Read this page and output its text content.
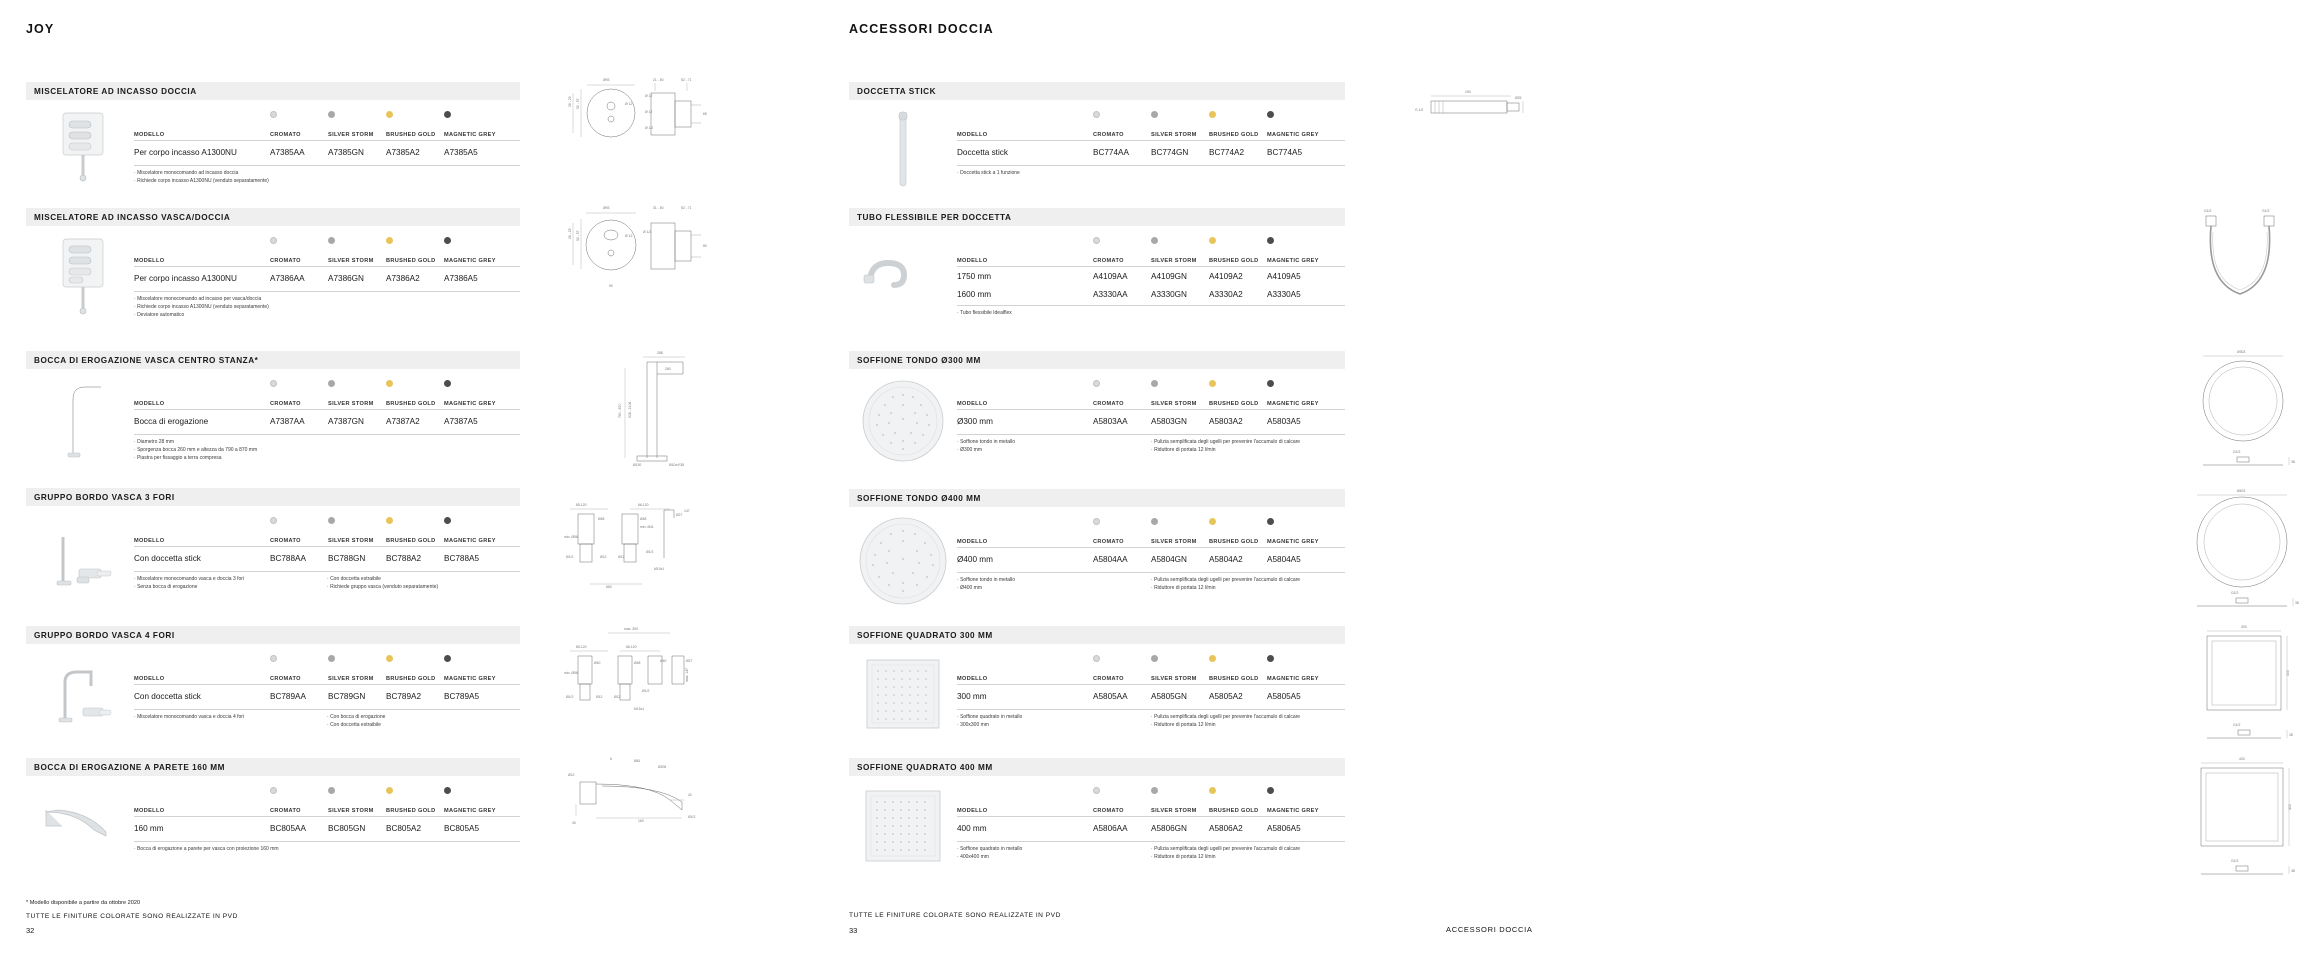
JOY
MISCELATORE AD INCASSO DOCCIA
MODELLO	CROMATO	SILVER STORM	BRUSHED GOLD	MAGNETIC GREY
Per corpo incasso A1300NU	A7385AA	A7385GN	A7385A2	A7385A5
· Miscelatore monocomando ad incasso doccia
· Richiede corpo incasso A1300NU (venduto separatamente)
Ø93
Ø 12
21 - 50	52 - 71
Ø 12
Ø 12
Ø 1/2
65
26 - 29 52 - 57
MISCELATORE AD INCASSO VASCA/DOCCIA
MODELLO	CROMATO	SILVER STORM	BRUSHED GOLD	MAGNETIC GREY
Per corpo incasso A1300NU	A7386AA	A7386GN	A7386A2	A7386A5
· Miscelatore monocomando ad incasso per vasca/doccia
· Richiede corpo incasso A1300NU (venduto separatamente)
· Deviatore automatico
Ø93
Ø 12
31 - 50	52 - 71
Ø 1/2
80
90
26 - 29 52 - 57
BOCCA DI EROGAZIONE VASCA CENTRO STANZA*
MODELLO	CROMATO	SILVER STORM	BRUSHED GOLD	MAGNETIC GREY
Bocca di erogazione	A7387AA	A7387GN	A7387A2	A7387A5
· Diametro 28 mm
· Sporgenza bocca 260 mm e altezza da 790 a 870 mm
· Piastra per fissaggio a terra compresa
288
260
790 - 870 508 - 2108
Ø130	Ø10x4*38
GRUPPO BORDO VASCA 3 FORI
MODELLO	CROMATO	SILVER STORM	BRUSHED GOLD	MAGNETIC GREY
Con doccetta stick	BC788AA	BC788GN	BC788A2	BC788A5
· Miscelatore monocomando vasca e doccia 3 fori
· Senza bocca di erogazione
· Con doccetta estraibile
· Richiede gruppo vasca (venduto separatamente)
85-120	66-120
Ø48
min. Ø56
Ø48
min. Ø41
Ø27
147
Ø1/2	Ø12	Ø12
Ø1/2
M10x1
660
GRUPPO BORDO VASCA 4 FORI
MODELLO	CROMATO	SILVER STORM	BRUSHED GOLD	MAGNETIC GREY
Con doccetta stick	BC789AA	BC789GN	BC789A2	BC789A5
· Miscelatore monocomando vasca e doccia 4 fori	· Con bocca di erogazione
· Con doccetta estraibile
max. 300
85-120	66-120
min. Ø56
Ø40	Ø48	Ø40	Ø27
Ø1/2	Ø12	Ø12
Ø1/2
M15x1
max. 147
BOCCA DI EROGAZIONE A PARETE 160 MM
MODELLO	CROMATO	SILVER STORM	BRUSHED GOLD	MAGNETIC GREY
160 mm	BC805AA	BC805GN	BC805A2	BC805A5
· Bocca di erogazione a parete per vasca con proiezione 160 mm
6	Ø61
Ø206
Ø12
42
160
40
Ø1/2
* Modello disponibile a partire da ottobre 2020
TUTTE LE FINITURE COLORATE SONO REALIZZATE IN PVD
32
ACCESSORI DOCCIA
DOCCETTA STICK
MODELLO	CROMATO	SILVER STORM	BRUSHED GOLD	MAGNETIC GREY
Doccetta stick	BC774AA	BC774GN	BC774A2	BC774A5
· Doccetta stick a 1 funzione
190
Ø25
G 1/2
TUBO FLESSIBILE PER DOCCETTA
MODELLO	CROMATO	SILVER STORM	BRUSHED GOLD	MAGNETIC GREY
1750 mm	A4109AA	A4109GN	A4109A2	A4109A5
1600 mm	A3330AA	A3330GN	A3330A2	A3330A5
· Tubo flessibile Idealflex
G1/2	G1/2
SOFFIONE TONDO Ø300 MM
MODELLO	CROMATO	SILVER STORM	BRUSHED GOLD	MAGNETIC GREY
Ø300 mm	A5803AA	A5803GN	A5803A2	A5803A5
· Soffione tondo in metallo
· Ø300 mm
· Pulizia semplificata degli ugelli per prevenire l'accumulo di calcare
· Riduttore di portata 12 l/min
Ø303
G1/2
38
SOFFIONE TONDO Ø400 MM
MODELLO	CROMATO	SILVER STORM	BRUSHED GOLD	MAGNETIC GREY
Ø400 mm	A5804AA	A5804GN	A5804A2	A5804A5
· Soffione tondo in metallo
· Ø400 mm
· Pulizia semplificata degli ugelli per prevenire l'accumulo di calcare
· Riduttore di portata 12 l/min
Ø403
G1/2
38
SOFFIONE QUADRATO 300 MM
MODELLO	CROMATO	SILVER STORM	BRUSHED GOLD	MAGNETIC GREY
300 mm	A5805AA	A5805GN	A5805A2	A5805A5
· Soffione quadrato in metallo
· 300x300 mm
· Pulizia semplificata degli ugelli per prevenire l'accumulo di calcare
· Riduttore di portata 12 l/min
303
303
G1/2
38
SOFFIONE QUADRATO 400 MM
MODELLO	CROMATO	SILVER STORM	BRUSHED GOLD	MAGNETIC GREY
400 mm	A5806AA	A5806GN	A5806A2	A5806A5
· Soffione quadrato in metallo
· 400x400 mm
· Pulizia semplificata degli ugelli per prevenire l'accumulo di calcare
· Riduttore di portata 12 l/min
403
403
G1/2
38
TUTTE LE FINITURE COLORATE SONO REALIZZATE IN PVD
33	ACCESSORI DOCCIA
